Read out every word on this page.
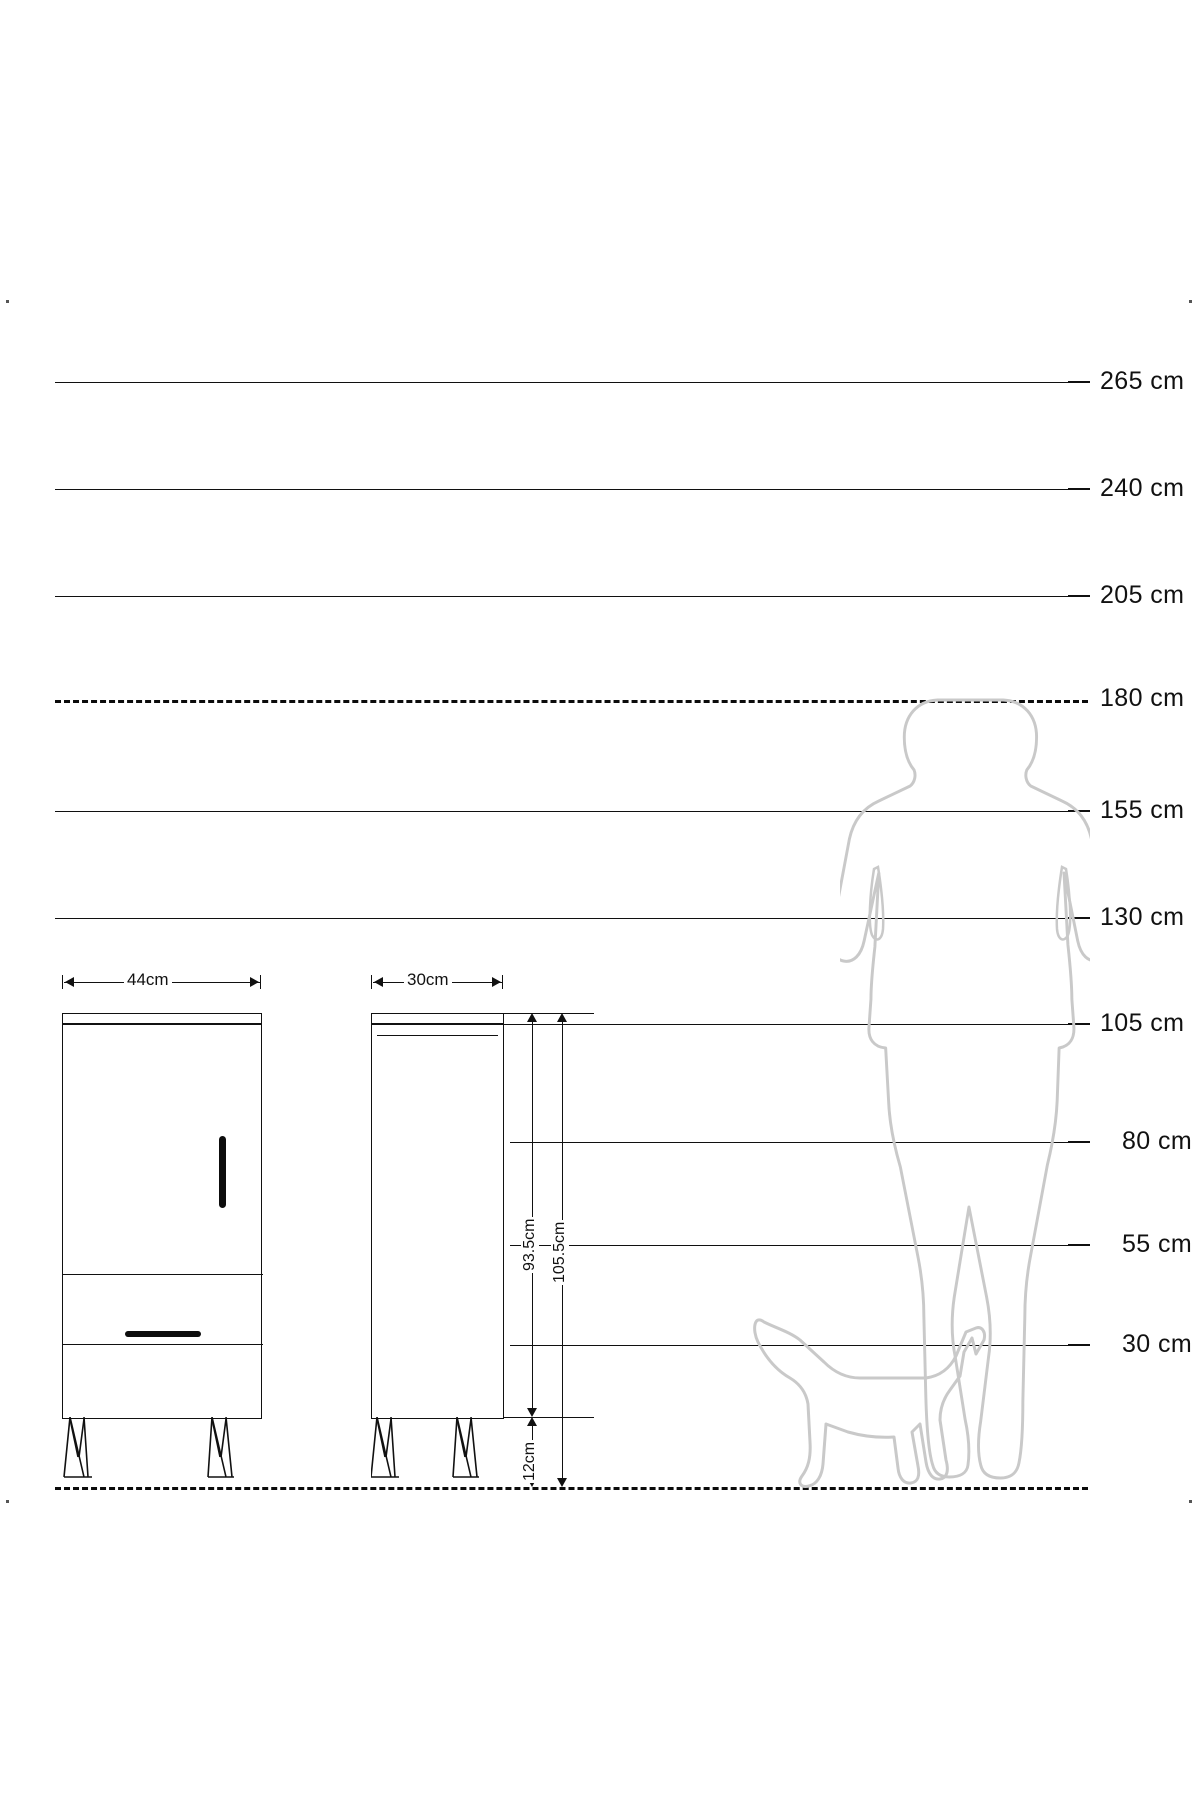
265 cm
240 cm
205 cm
180 cm
155 cm
130 cm
105 cm
80 cm
55 cm
30 cm
44cm	30cm
93.5cm 105.5cm
12cm
